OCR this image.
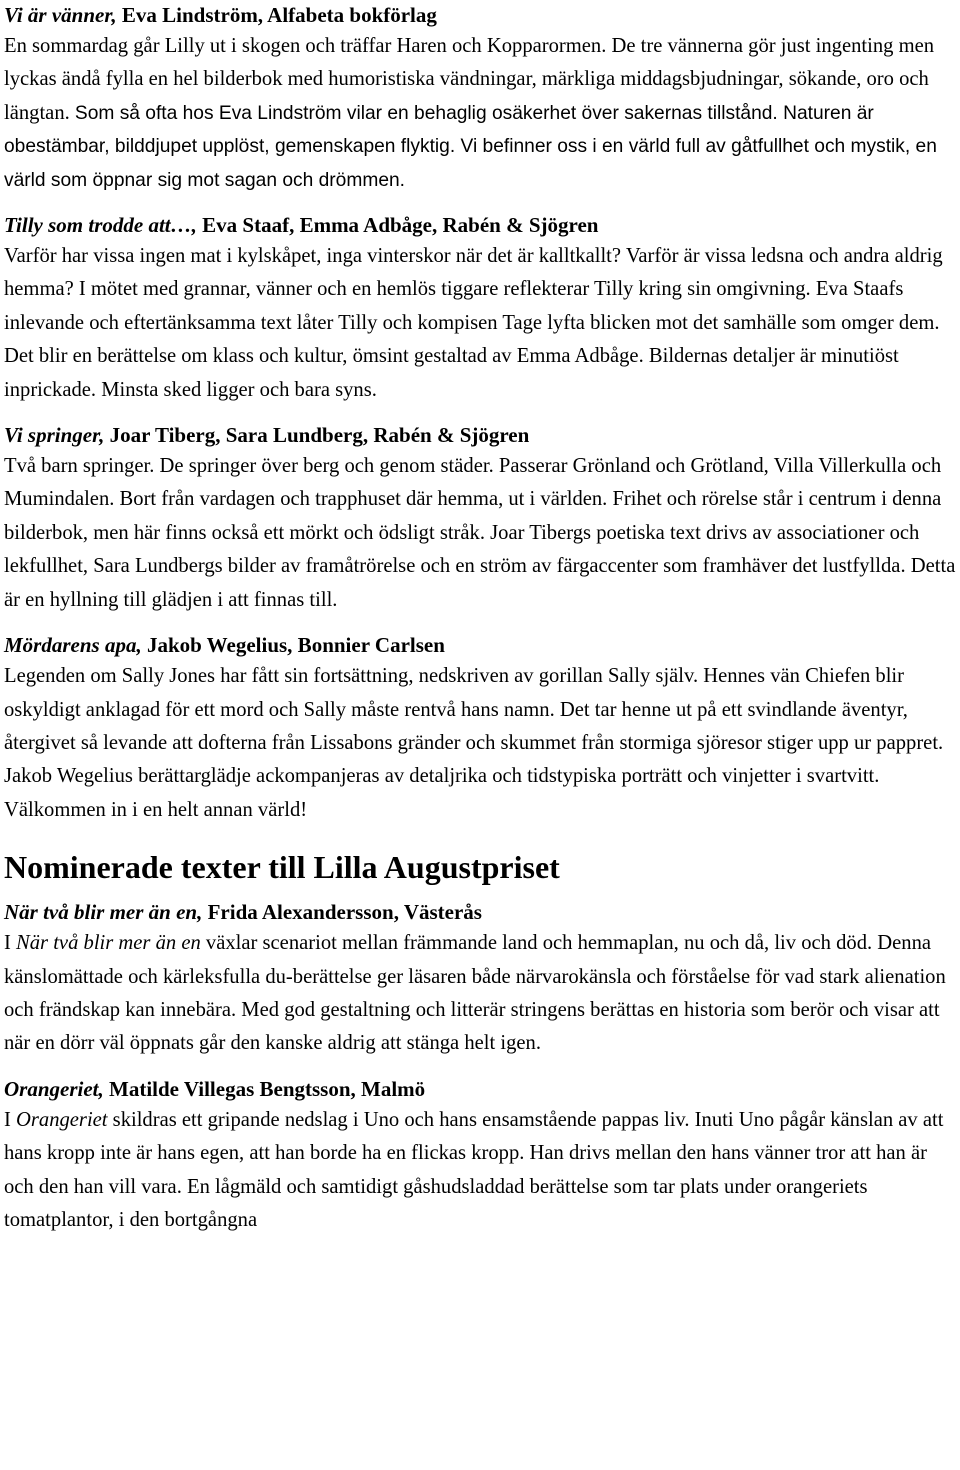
Vi är vänner, Eva Lindström, Alfabeta bokförlag

En sommardag går Lilly ut i skogen och träffar Haren och Kopparormen. De tre vännerna gör just ingenting men lyckas ändå fylla en hel bilderbok med humoristiska vändningar, märkliga middagsbjudningar, sökande, oro och längtan. Som så ofta hos Eva Lindström vilar en behaglig osäkerhet över sakernas tillstånd. Naturen är obestämbar, bilddjupet upplöst, gemenskapen flyktig. Vi befinner oss i en värld full av gåtfullhet och mystik, en värld som öppnar sig mot sagan och drömmen.

Tilly som trodde att…, Eva Staaf, Emma Adbåge, Rabén & Sjögren

Varför har vissa ingen mat i kylskåpet, inga vinterskor när det är kalltkallt? Varför är vissa ledsna och andra aldrig hemma? I mötet med grannar, vänner och en hemlös tiggare reflekterar Tilly kring sin omgivning. Eva Staafs inlevande och eftertänksamma text låter Tilly och kompisen Tage lyfta blicken mot det samhälle som omger dem. Det blir en berättelse om klass och kultur, ömsint gestaltad av Emma Adbåge. Bildernas detaljer är minutiöst inprickade. Minsta sked ligger och bara syns.

Vi springer, Joar Tiberg, Sara Lundberg, Rabén & Sjögren

Två barn springer. De springer över berg och genom städer. Passerar Grönland och Grötland, Villa Villerkulla och Mumindalen. Bort från vardagen och trapphuset där hemma, ut i världen. Frihet och rörelse står i centrum i denna bilderbok, men här finns också ett mörkt och ödsligt stråk. Joar Tibergs poetiska text drivs av associationer och lekfullhet, Sara Lundbergs bilder av framåtrörelse och en ström av färgaccenter som framhäver det lustfyllda. Detta är en hyllning till glädjen i att finnas till.

Mördarens apa, Jakob Wegelius, Bonnier Carlsen

Legenden om Sally Jones har fått sin fortsättning, nedskriven av gorillan Sally själv. Hennes vän Chiefen blir oskyldigt anklagad för ett mord och Sally måste rentvå hans namn. Det tar henne ut på ett svindlande äventyr, återgivet så levande att dofterna från Lissabons gränder och skummet från stormiga sjöresor stiger upp ur pappret. Jakob Wegelius berättarglädje ackompanjeras av detaljrika och tidstypiska porträtt och vinjetter i svartvitt. Välkommen in i en helt annan värld!

Nominerade texter till Lilla Augustpriset

När två blir mer än en, Frida Alexandersson, Västerås

I När två blir mer än en växlar scenariot mellan främmande land och hemmaplan, nu och då, liv och död. Denna känslomättade och kärleksfulla du-berättelse ger läsaren både närvarokänsla och förståelse för vad stark alienation och frändskap kan innebära. Med god gestaltning och litterär stringens berättas en historia som berör och visar att när en dörr väl öppnats går den kanske aldrig att stänga helt igen.

Orangeriet, Matilde Villegas Bengtsson, Malmö

I Orangeriet skildras ett gripande nedslag i Uno och hans ensamstående pappas liv. Inuti Uno pågår känslan av att hans kropp inte är hans egen, att han borde ha en flickas kropp. Han drivs mellan den hans vänner tror att han är och den han vill vara. En lågmäld och samtidigt gåshudsladdad berättelse som tar plats under orangeriets tomatplantor, i den bortgångna
